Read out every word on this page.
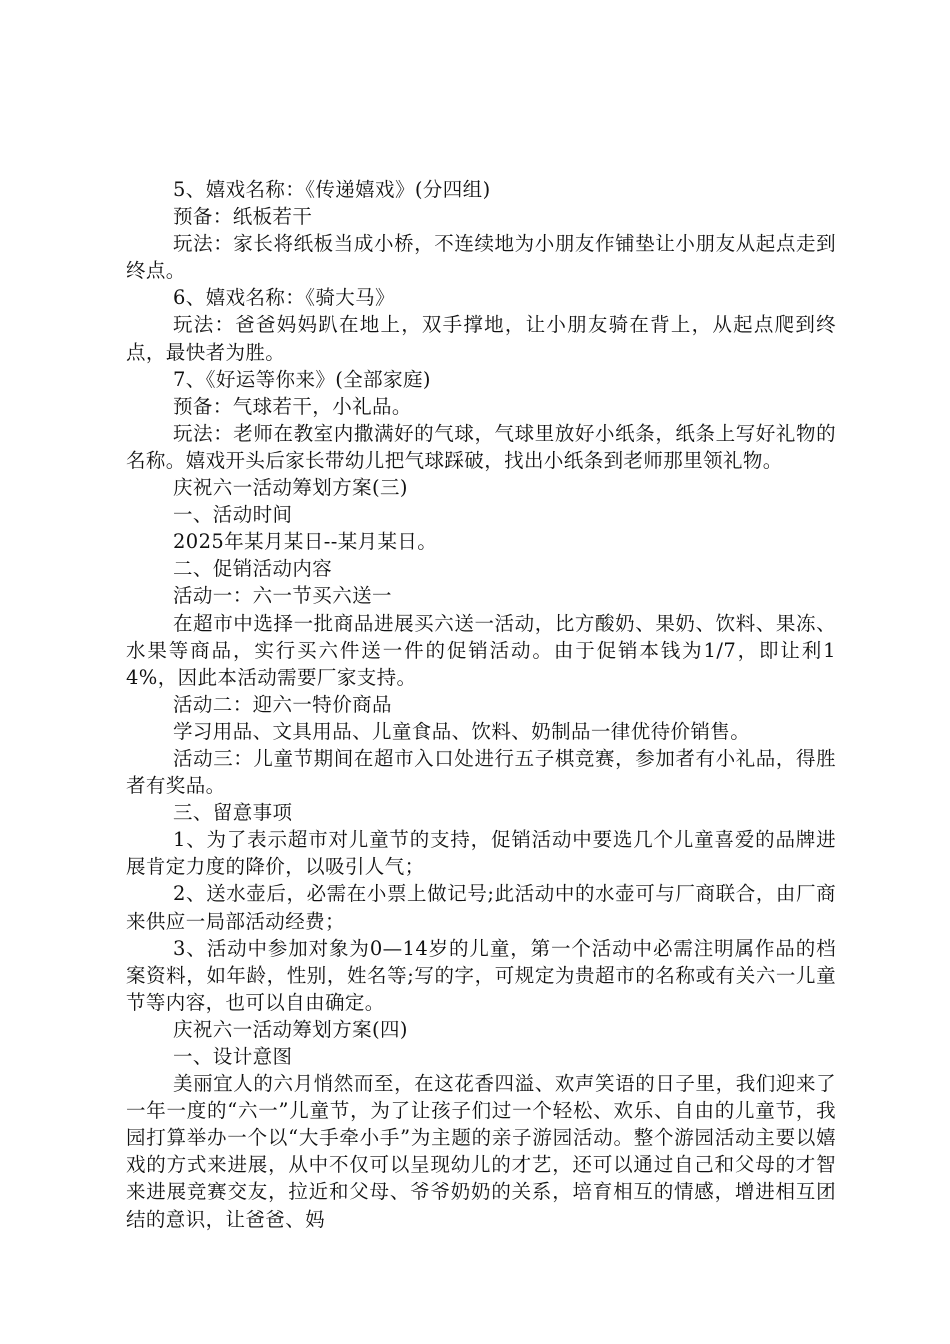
5、嬉戏名称：《传递嬉戏》(分四组)

预备：纸板若干

玩法：家长将纸板当成小桥，不连续地为小朋友作铺垫让小朋友从起点走到终点。

6、嬉戏名称：《骑大马》

玩法：爸爸妈妈趴在地上，双手撑地，让小朋友骑在背上，从起点爬到终点，最快者为胜。

7、《好运等你来》(全部家庭)

预备：气球若干，小礼品。

玩法：老师在教室内撒满好的气球，气球里放好小纸条，纸条上写好礼物的名称。嬉戏开头后家长带幼儿把气球踩破，找出小纸条到老师那里领礼物。

庆祝六一活动筹划方案(三)

一、活动时间

2025年某月某日--某月某日。

二、促销活动内容

活动一：六一节买六送一

在超市中选择一批商品进展买六送一活动，比方酸奶、果奶、饮料、果冻、水果等商品，实行买六件送一件的促销活动。由于促销本钱为1/7，即让利14%，因此本活动需要厂家支持。

活动二：迎六一特价商品

学习用品、文具用品、儿童食品、饮料、奶制品一律优待价销售。

活动三：儿童节期间在超市入口处进行五子棋竞赛，参加者有小礼品，得胜者有奖品。

三、留意事项

1、为了表示超市对儿童节的支持，促销活动中要选几个儿童喜爱的品牌进展肯定力度的降价，以吸引人气；

2、送水壶后，必需在小票上做记号;此活动中的水壶可与厂商联合，由厂商来供应一局部活动经费；

3、活动中参加对象为0—14岁的儿童，第一个活动中必需注明属作品的档案资料，如年龄，性别，姓名等;写的字，可规定为贵超市的名称或有关六一儿童节等内容，也可以自由确定。

庆祝六一活动筹划方案(四)

一、设计意图

美丽宜人的六月悄然而至，在这花香四溢、欢声笑语的日子里，我们迎来了一年一度的“六一”儿童节，为了让孩子们过一个轻松、欢乐、自由的儿童节，我园打算举办一个以“大手牵小手”为主题的亲子游园活动。整个游园活动主要以嬉戏的方式来进展，从中不仅可以呈现幼儿的才艺，还可以通过自己和父母的才智来进展竞赛交友，拉近和父母、爷爷奶奶的关系，培育相互的情感，增进相互团结的意识，让爸爸、妈
